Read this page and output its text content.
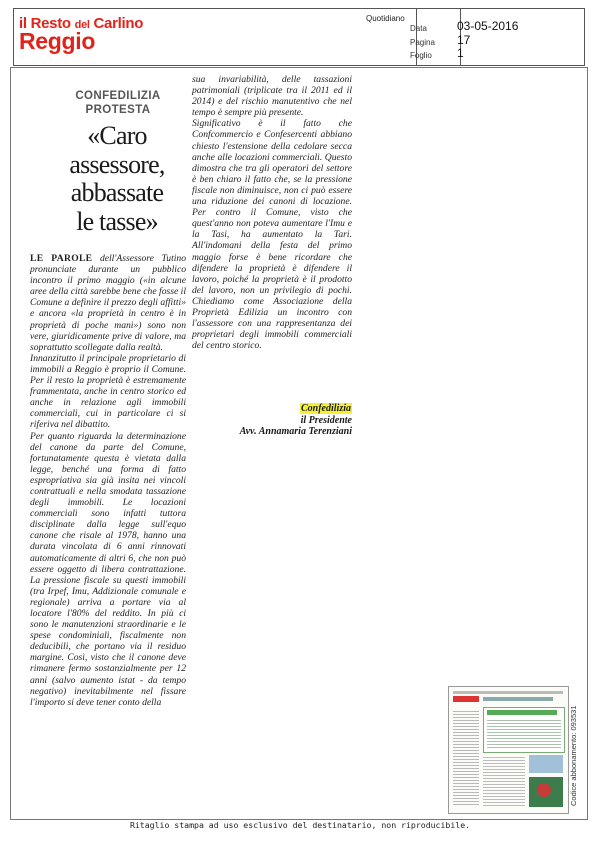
il Resto del Carlino
Reggio
Quotidiano
Data	03-05-2016
Pagina 17
Foglio 1
CONFEDILIZIA
PROTESTA
«Caro
assessore,
abbassate
le tasse»

LE PAROLE dell'Assessore Tutino pronunciate durante un pubblico incontro il primo maggio («in alcune aree della città sarebbe bene che fosse il Comune a definire il prezzo degli affitti» e ancora «la proprietà in centro è in proprietà di poche mani») sono non vere, giuridicamente prive di valore, ma soprattutto scollegate dalla realtà.

Innanzitutto il principale proprietario di immobili a Reggio è proprio il Comune. Per il resto la proprietà è estremamente frammentata, anche in centro storico ed anche in relazione agli immobili commerciali, cui in particolare ci si riferiva nel dibattito.

Per quanto riguarda la determinazione del canone da parte del Comune, fortunatamente questa è vietata dalla legge, benché una forma di fatto espropriativa sia già insita nei vincoli contrattuali e nella smodata tassazione degli immobili. Le locazioni commerciali sono infatti tuttora disciplinate dalla legge sull'equo canone che risale al 1978, hanno una durata vincolata di 6 anni rinnovati automaticamente di altri 6, che non può essere oggetto di libera contrattazione. La pressione fiscale su questi immobili (tra Irpef, Imu, Addizionale comunale e regionale) arriva a portare via al locatore l'80% del reddito. In più ci sono le manutenzioni straordinarie e le spese condominiali, fiscalmente non deducibili, che portano via il residuo margine. Così, visto che il canone deve rimanere fermo sostanzialmente per 12 anni (salvo aumento istat - da tempo negativo) inevitabilmente nel fissare l'importo si deve tener conto della

sua invariabilità, delle tassazioni patrimoniali (triplicate tra il 2011 ed il 2014) e del rischio manutentivo che nel tempo è sempre più presente.

Significativo è il fatto che Confcommercio e Confesercenti abbiano chiesto l'estensione della cedolare secca anche alle locazioni commerciali. Questo dimostra che tra gli operatori del settore è ben chiaro il fatto che, se la pressione fiscale non diminuisce, non ci può essere una riduzione dei canoni di locazione. Per contro il Comune, visto che quest'anno non poteva aumentare l'Imu e la Tasi, ha aumentato la Tari. All'indomani della festa del primo maggio forse è bene ricordare che difendere la proprietà è difendere il lavoro, poiché la proprietà è il prodotto del lavoro, non un privilegio di pochi. Chiediamo come Associazione della Proprietà Edilizia un incontro con l'assessore con una rappresentanza dei proprietari degli immobili commerciali del centro storico.

Confedilizia
il Presidente
Avv. Annamaria Terenziani
Codice abbonamento: 093531
Ritaglio stampa ad uso esclusivo del destinatario, non riproducibile.
